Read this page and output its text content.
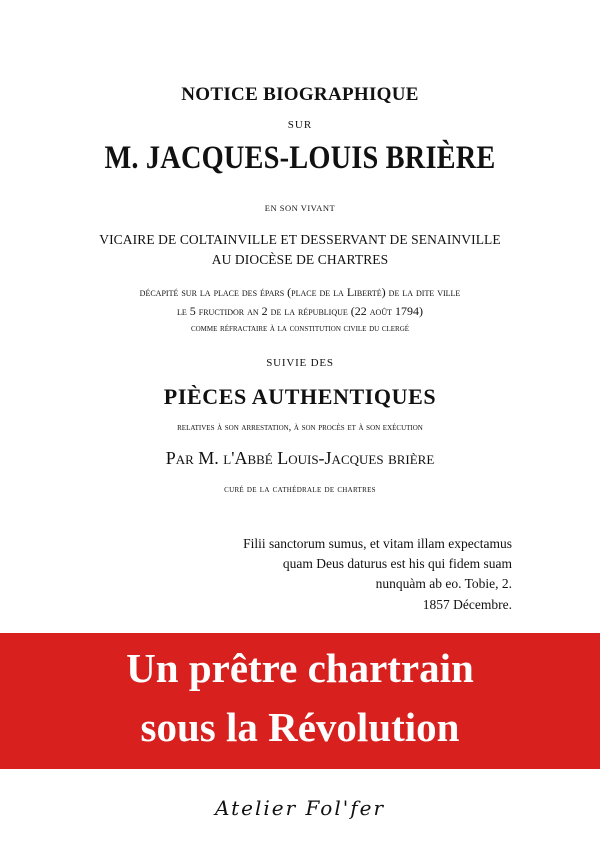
NOTICE BIOGRAPHIQUE
SUR
M. JACQUES-LOUIS BRIÈRE
EN SON VIVANT
VICAIRE DE COLTAINVILLE ET DESSERVANT DE SENAINVILLE
AU DIOCÈSE DE CHARTRES
décapité sur la place des épars (place de la Liberté) de la dite ville
le 5 fructidor an 2 de la république (22 août 1794)
comme réfractaire à la constitution civile du clergé
SUIVIE DES
PIÈCES AUTHENTIQUES
relatives à son arrestation, à son procès et à son exécution
Par M. l'Abbé Louis-Jacques brière
curé de la cathédrale de chartres
Filii sanctorum sumus, et vitam illam expectamus
quam Deus daturus est his qui fidem suam
nunquàm ab eo. Tobie, 2.
1857 Décembre.
Un prêtre chartrain
sous la Révolution
Atelier Fol'fer
